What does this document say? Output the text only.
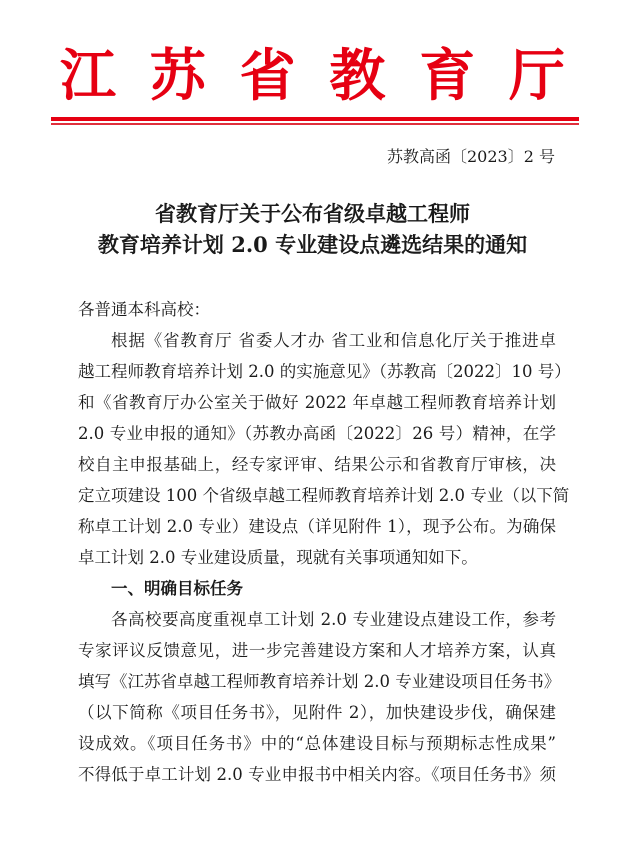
江 苏 省 教 育 厅
苏教高函〔2023〕2 号
省教育厅关于公布省级卓越工程师
教育培养计划 2.0 专业建设点遴选结果的通知
各普通本科高校：
根据《省教育厅 省委人才办 省工业和信息化厅关于推进卓
越工程师教育培养计划 2.0 的实施意见》（苏教高〔2022〕10 号）
和《省教育厅办公室关于做好 2022 年卓越工程师教育培养计划
2.0 专业申报的通知》（苏教办高函〔2022〕26 号）精神，在学
校自主申报基础上，经专家评审、结果公示和省教育厅审核，决
定立项建设 100 个省级卓越工程师教育培养计划 2.0 专业（以下简
称卓工计划 2.0 专业）建设点（详见附件 1），现予公布。为确保
卓工计划 2.0 专业建设质量，现就有关事项通知如下。
一、明确目标任务
各高校要高度重视卓工计划 2.0 专业建设点建设工作，参考
专家评议反馈意见，进一步完善建设方案和人才培养方案，认真
填写《江苏省卓越工程师教育培养计划 2.0 专业建设项目任务书》
（以下简称《项目任务书》，见附件 2），加快建设步伐，确保建
设成效。《项目任务书》中的“总体建设目标与预期标志性成果”
不得低于卓工计划 2.0 专业申报书中相关内容。《项目任务书》须
